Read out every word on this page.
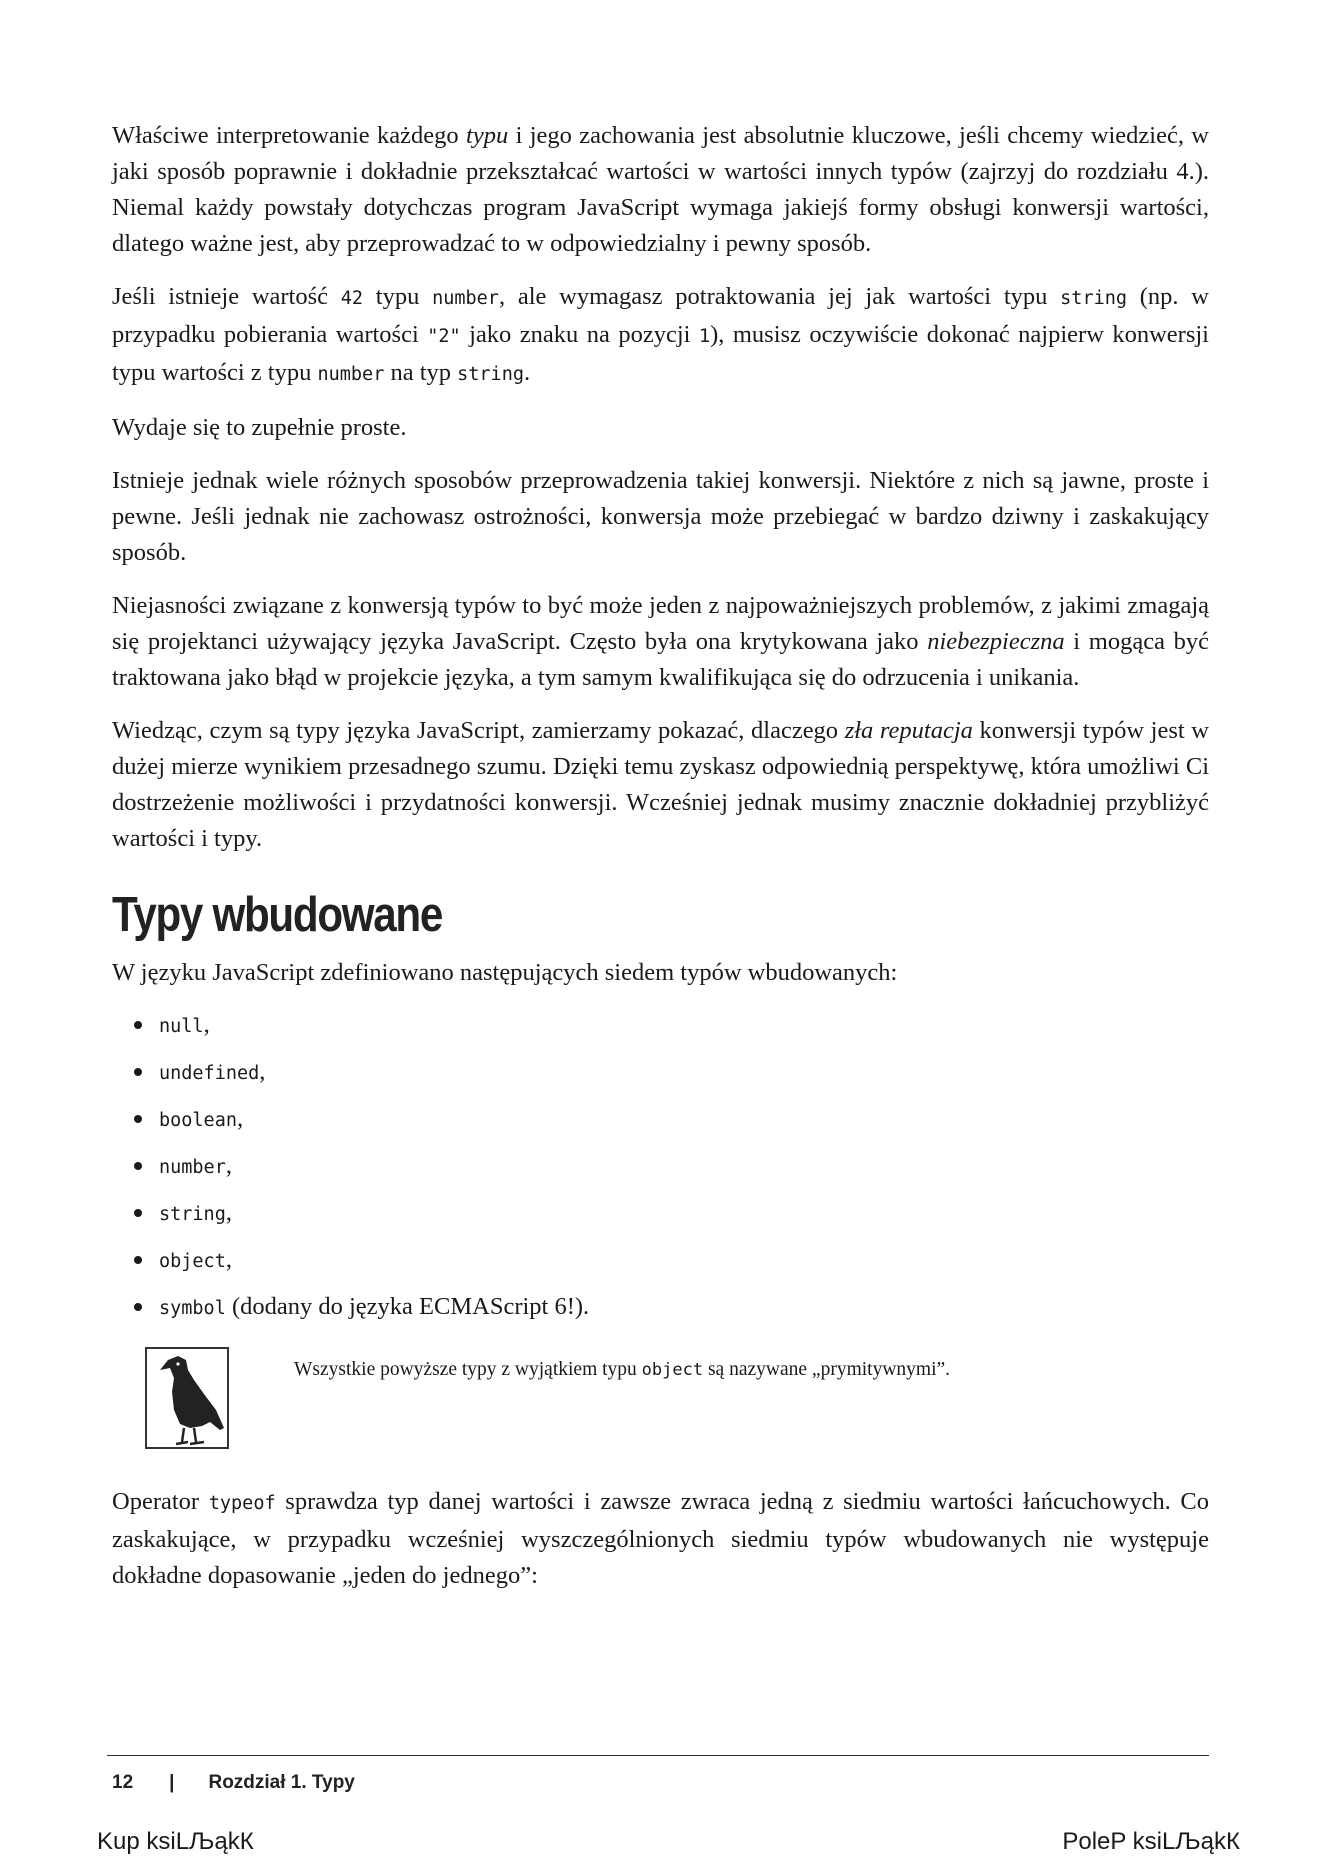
Właściwe interpretowanie każdego typu i jego zachowania jest absolutnie kluczowe, jeśli chcemy wiedzieć, w jaki sposób poprawnie i dokładnie przekształcać wartości w wartości innych typów (zajrzyj do rozdziału 4.). Niemal każdy powstały dotychczas program JavaScript wymaga jakiejś formy obsługi konwersji wartości, dlatego ważne jest, aby przeprowadzać to w odpowiedzialny i pewny sposób.

Jeśli istnieje wartość 42 typu number, ale wymagasz potraktowania jej jak wartości typu string (np. w przypadku pobierania wartości "2" jako znaku na pozycji 1), musisz oczywiście dokonać najpierw konwersji typu wartości z typu number na typ string.

Wydaje się to zupełnie proste.

Istnieje jednak wiele różnych sposobów przeprowadzenia takiej konwersji. Niektóre z nich są jawne, proste i pewne. Jeśli jednak nie zachowasz ostrożności, konwersja może przebiegać w bardzo dziwny i zaskakujący sposób.

Niejasności związane z konwersją typów to być może jeden z najpoważniejszych problemów, z jakimi zmagają się projektanci używający języka JavaScript. Często była ona krytykowana jako niebezpieczna i mogąca być traktowana jako błąd w projekcie języka, a tym samym kwalifikująca się do odrzucenia i unikania.

Wiedząc, czym są typy języka JavaScript, zamierzamy pokazać, dlaczego zła reputacja konwersji typów jest w dużej mierze wynikiem przesadnego szumu. Dzięki temu zyskasz odpowiednią perspektywę, która umożliwi Ci dostrzeżenie możliwości i przydatności konwersji. Wcześniej jednak musimy znacznie dokładniej przybliżyć wartości i typy.

Typy wbudowane

W języku JavaScript zdefiniowano następujących siedem typów wbudowanych:

null,
undefined,
boolean,
number,
string,
object,
symbol (dodany do języka ECMAScript 6!).
Wszystkie powyższe typy z wyjątkiem typu object są nazywane „prymitywnymi”.

Operator typeof sprawdza typ danej wartości i zawsze zwraca jedną z siedmiu wartości łańcuchowych. Co zaskakujące, w przypadku wcześniej wyszczególnionych siedmiu typów wbudowanych nie występuje dokładne dopasowanie „jeden do jednego”:

12 | Rozdział 1. Typy
Kup ksiLЉąkК	PoleP ksiLЉąkК
